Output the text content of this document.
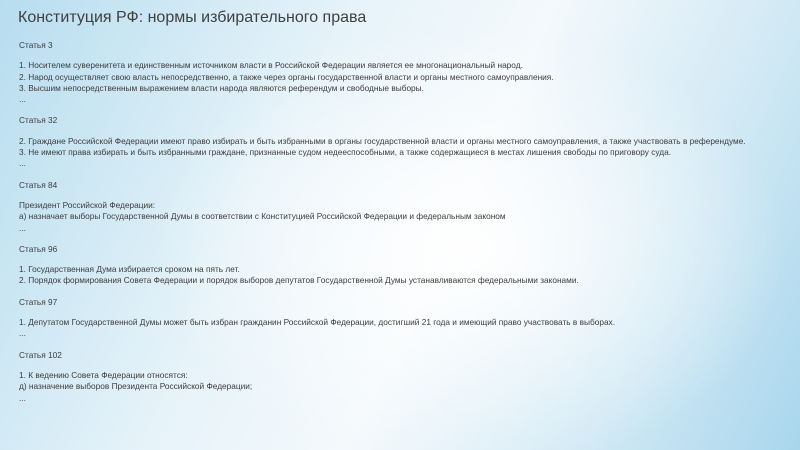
Конституция РФ: нормы избирательного права
Статья 3
1. Носителем суверенитета и единственным источником власти в Российской Федерации является ее многонациональный народ.
2. Народ осуществляет свою власть непосредственно, а также через органы государственной власти и органы местного самоуправления.
3. Высшим непосредственным выражением власти народа являются референдум и свободные выборы.
...
Статья 32
2. Граждане Российской Федерации имеют право избирать и быть избранными в органы государственной власти и органы местного самоуправления, а также участвовать в референдуме.
3. Не имеют права избирать и быть избранными граждане, признанные судом недееспособными, а также содержащиеся в местах лишения свободы по приговору суда.
...
Статья 84
Президент Российской Федерации:
а) назначает выборы Государственной Думы в соответствии с Конституцией Российской Федерации и федеральным законом
...
Статья 96
1. Государственная Дума избирается сроком на пять лет.
2. Порядок формирования Совета Федерации и порядок выборов депутатов Государственной Думы устанавливаются федеральными законами.
Статья 97
1. Депутатом Государственной Думы может быть избран гражданин Российской Федерации, достигший 21 года и имеющий право участвовать в выборах.
...
Статья 102
1. К ведению Совета Федерации относятся:
д) назначение выборов Президента Российской Федерации;
...
